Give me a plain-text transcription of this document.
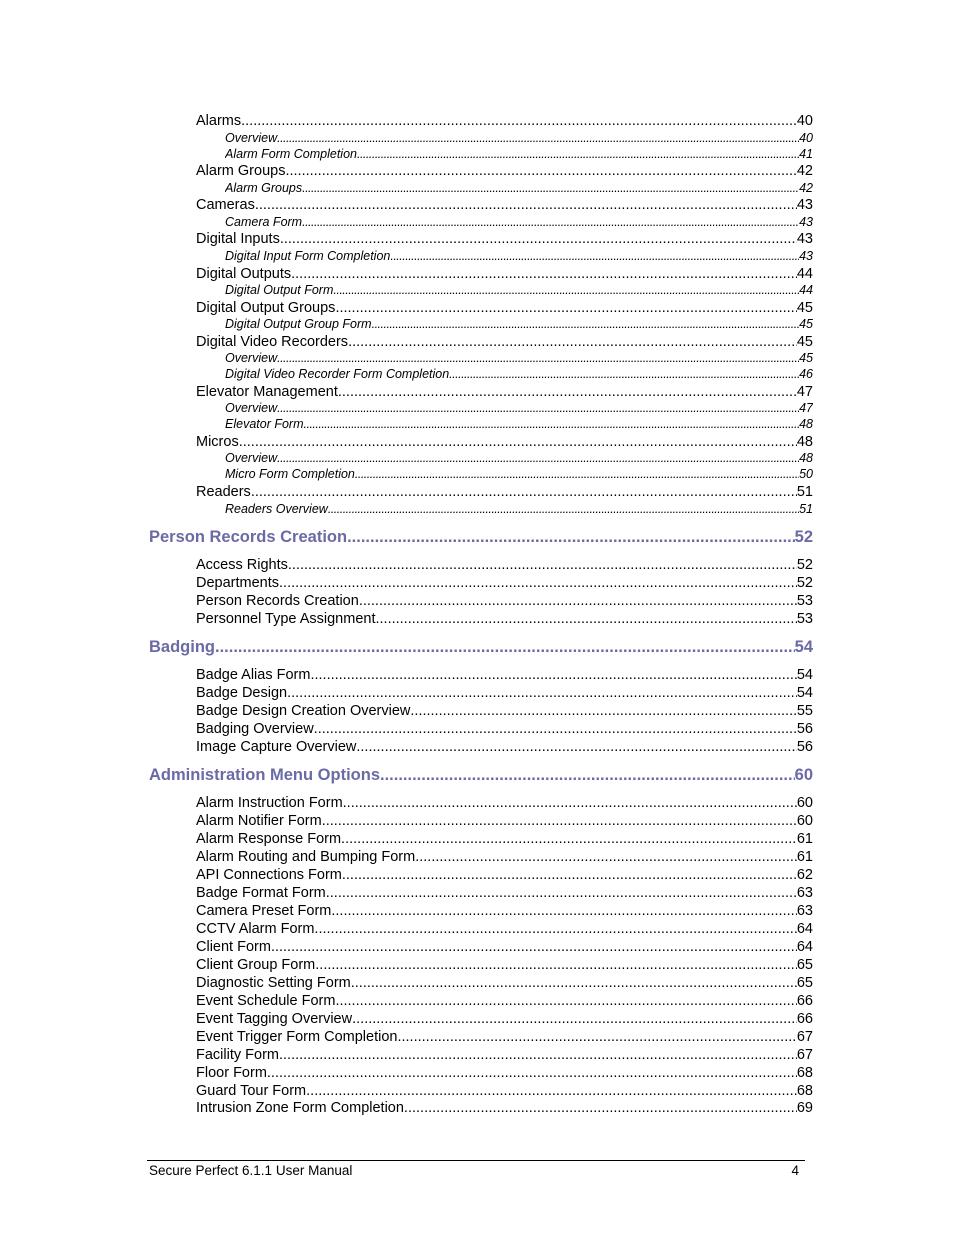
Alarms .....	40
Overview .....	40
Alarm Form Completion .....	41
Alarm Groups .....	42
Alarm Groups .....	42
Cameras .....	43
Camera Form .....	43
Digital Inputs .....	43
Digital Input Form Completion .....	43
Digital Outputs .....	44
Digital Output Form .....	44
Digital Output Groups .....	45
Digital Output Group Form .....	45
Digital Video Recorders .....	45
Overview .....	45
Digital Video Recorder Form Completion .....	46
Elevator Management .....	47
Overview .....	47
Elevator Form .....	48
Micros .....	48
Overview .....	48
Micro Form Completion .....	50
Readers .....	51
Readers Overview .....	51
Person Records Creation .....	52
Access Rights .....	52
Departments .....	52
Person Records Creation .....	53
Personnel Type Assignment .....	53
Badging .....	54
Badge Alias Form .....	54
Badge Design .....	54
Badge Design Creation Overview .....	55
Badging Overview .....	56
Image Capture Overview .....	56
Administration Menu Options .....	60
Alarm Instruction Form .....	60
Alarm Notifier Form .....	60
Alarm Response Form .....	61
Alarm Routing and Bumping Form .....	61
API Connections Form .....	62
Badge Format Form .....	63
Camera Preset Form .....	63
CCTV Alarm Form .....	64
Client Form .....	64
Client Group Form .....	65
Diagnostic Setting Form .....	65
Event Schedule Form .....	66
Event Tagging Overview .....	66
Event Trigger Form Completion .....	67
Facility Form .....	67
Floor Form .....	68
Guard Tour Form .....	68
Intrusion Zone Form Completion .....	69
Secure Perfect 6.1.1 User Manual	4
